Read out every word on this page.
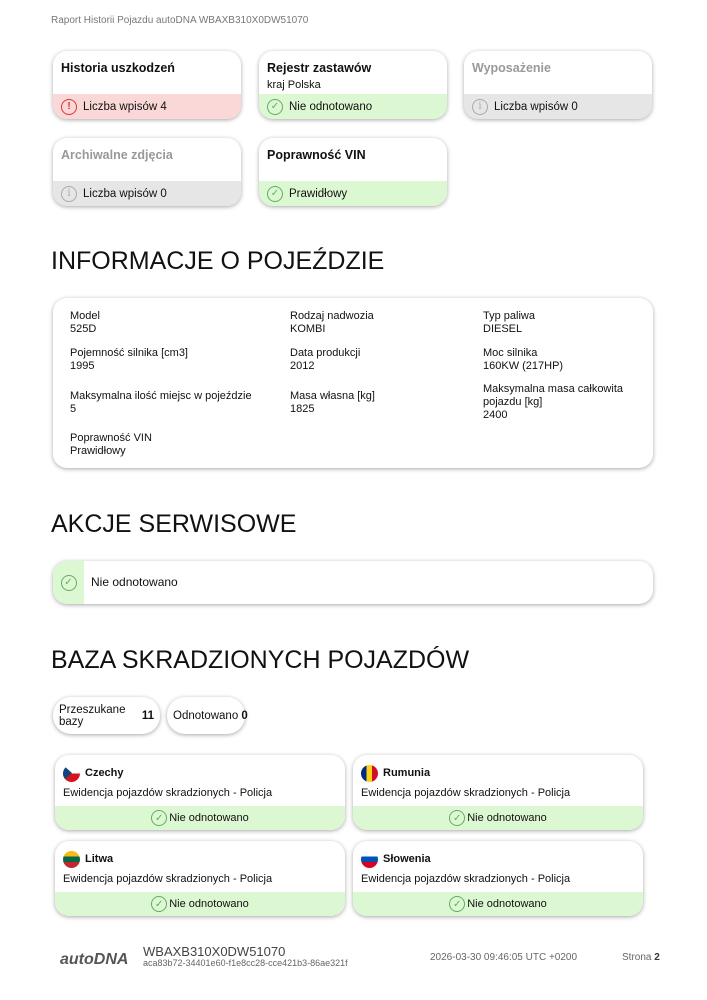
Raport Historii Pojazdu autoDNA WBAXB310X0DW51070
Historia uszkodzeń
!	Liczba wpisów 4
Rejestr zastawów
kraj Polska
✓ Nie odnotowano
Wyposażenie
i	Liczba wpisów 0
Archiwalne zdjęcia
i	Liczba wpisów 0
Poprawność VIN
✓ Prawidłowy
INFORMACJE O POJEŹDZIE
Model
525D
Rodzaj nadwozia
KOMBI
Typ paliwa
DIESEL
Pojemność silnika [cm3]
1995
Data produkcji
2012
Moc silnika
160KW (217HP)
Maksymalna ilość miejsc w pojeździe
5
Masa własna [kg]
1825
Maksymalna masa całkowita pojazdu [kg]
2400
Poprawność VIN
Prawidłowy
AKCJE SERWISOWE
✓	Nie odnotowano
BAZA SKRADZIONYCH POJAZDÓW
Przeszukane bazy
	11 Odnotowano
0
Czechy
Ewidencja pojazdów skradzionych - Policja
✓ Nie odnotowano
Rumunia
Ewidencja pojazdów skradzionych - Policja
✓ Nie odnotowano
Litwa
Ewidencja pojazdów skradzionych - Policja
✓ Nie odnotowano
Słowenia
Ewidencja pojazdów skradzionych - Policja
✓ Nie odnotowano
autoDNA WBAXB310X0DW51070
aca83b72-34401e60-f1e8cc28-cce421b3-86ae321f	2026-03-30 09:46:05 UTC +0200	Strona 2
